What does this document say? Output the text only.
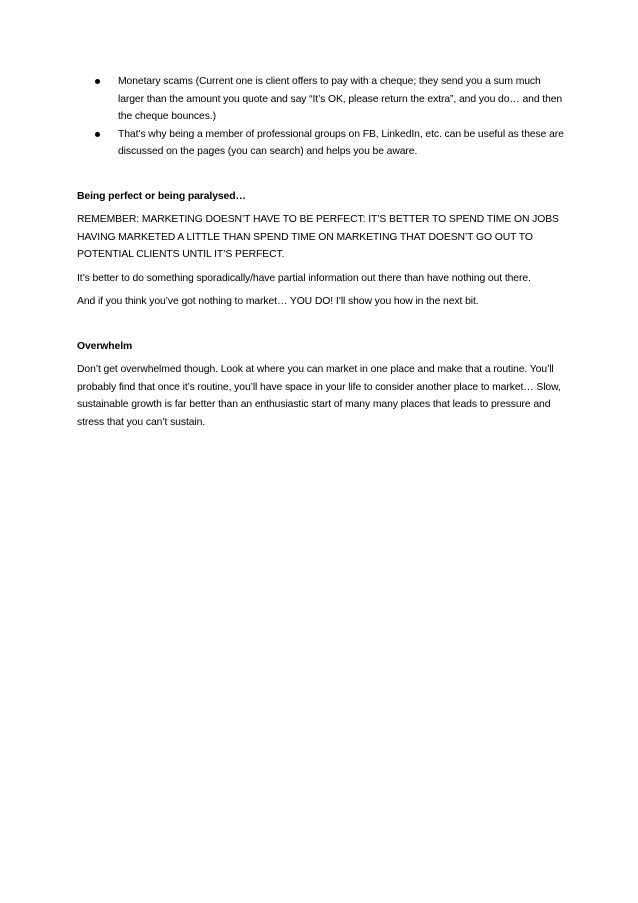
Monetary scams (Current one is client offers to pay with a cheque; they send you a sum much larger than the amount you quote and say “It’s OK, please return the extra”, and you do… and then the cheque bounces.)
That’s why being a member of professional groups on FB, LinkedIn, etc. can be useful as these are discussed on the pages (you can search) and helps you be aware.

Being perfect or being paralysed…

REMEMBER: MARKETING DOESN’T HAVE TO BE PERFECT: IT’S BETTER TO SPEND TIME ON JOBS HAVING MARKETED A LITTLE THAN SPEND TIME ON MARKETING THAT DOESN’T GO OUT TO POTENTIAL CLIENTS UNTIL IT’S PERFECT.

It’s better to do something sporadically/have partial information out there than have nothing out there.

And if you think you’ve got nothing to market… YOU DO! I’ll show you how in the next bit.

Overwhelm

Don’t get overwhelmed though. Look at where you can market in one place and make that a routine. You’ll probably find that once it’s routine, you’ll have space in your life to consider another place to market… Slow, sustainable growth is far better than an enthusiastic start of many many places that leads to pressure and stress that you can’t sustain.
